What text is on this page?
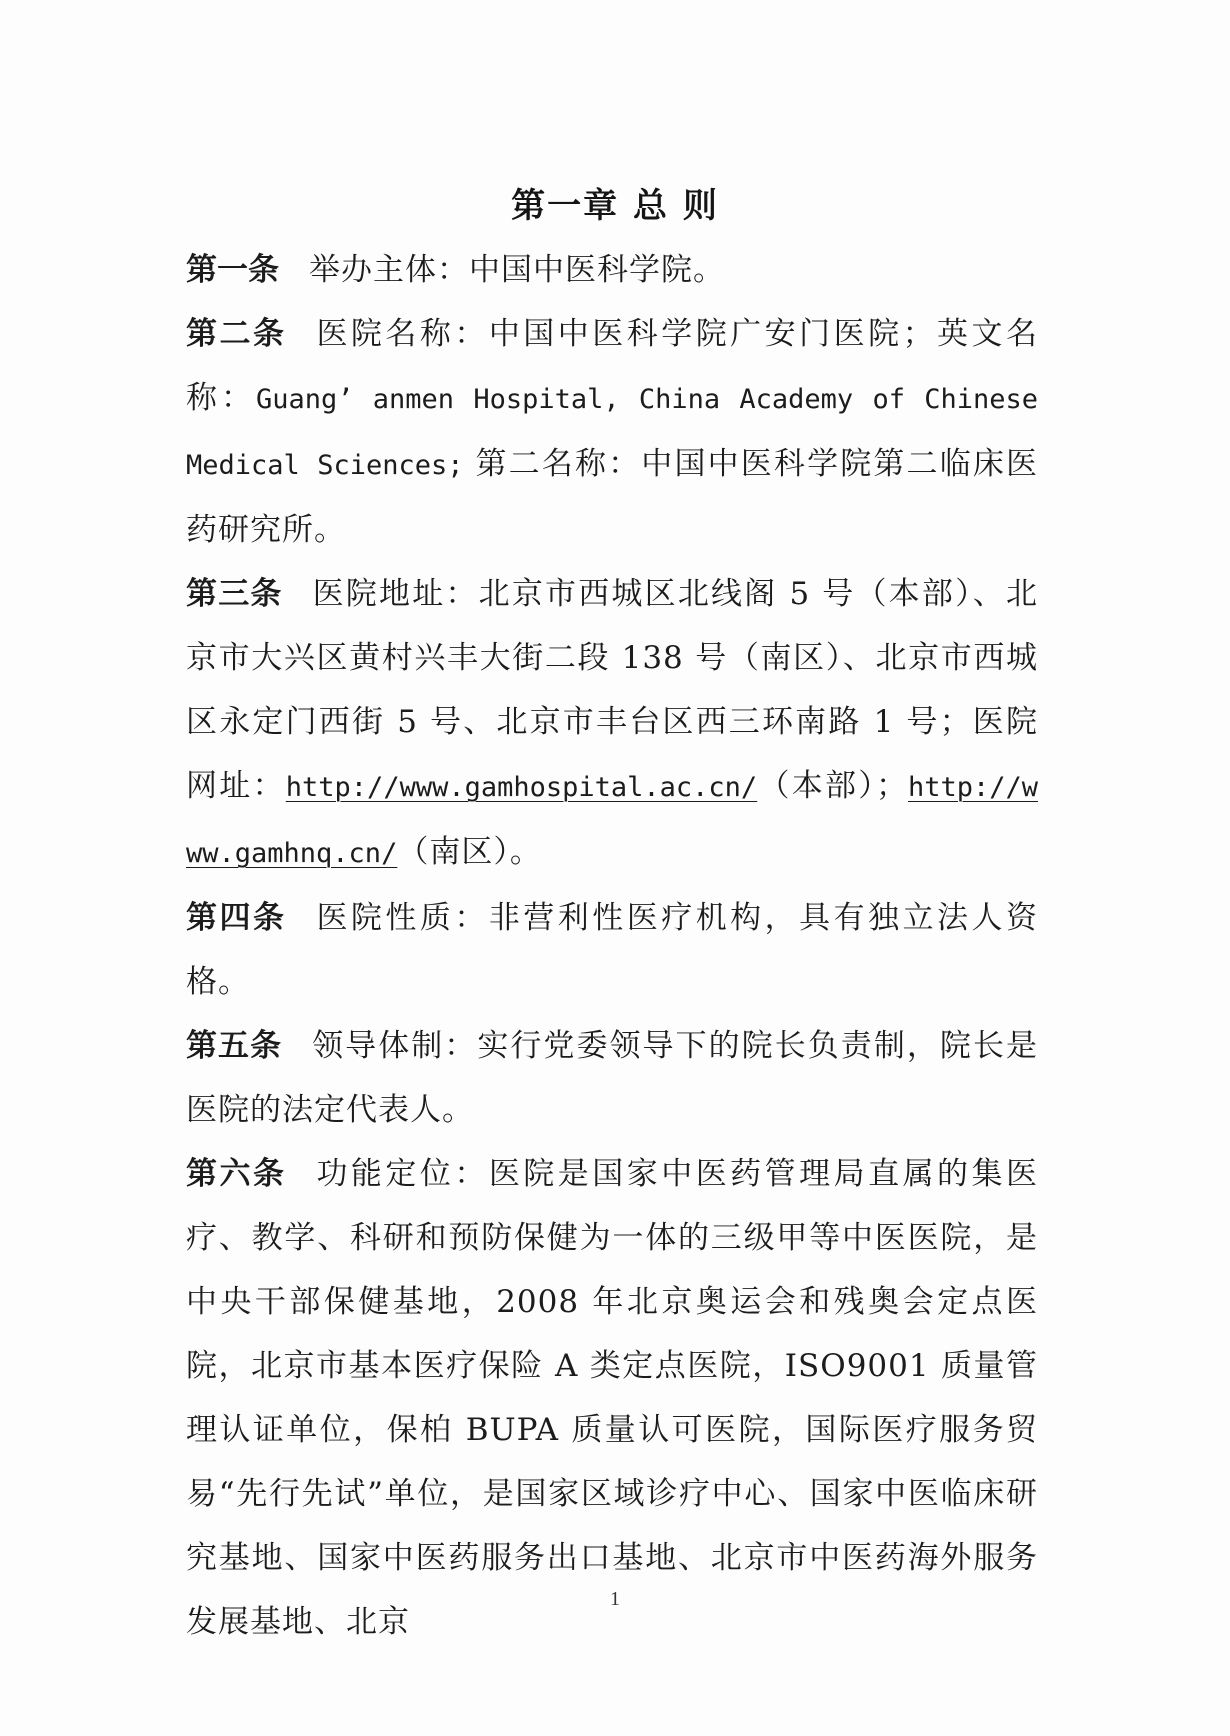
第一章 总 则

第一条 举办主体：中国中医科学院。

第二条 医院名称：中国中医科学院广安门医院；英文名称：Guang’ anmen Hospital, China Academy of Chinese Medical Sciences; 第二名称：中国中医科学院第二临床医药研究所。

第三条 医院地址：北京市西城区北线阁 5 号（本部）、北京市大兴区黄村兴丰大街二段 138 号（南区）、北京市西城区永定门西街 5 号、北京市丰台区西三环南路 1 号；医院网址：http://www.gamhospital.ac.cn/（本部）；http://www.gamhnq.cn/（南区）。

第四条 医院性质：非营利性医疗机构，具有独立法人资格。

第五条 领导体制：实行党委领导下的院长负责制，院长是医院的法定代表人。

第六条 功能定位：医院是国家中医药管理局直属的集医疗、教学、科研和预防保健为一体的三级甲等中医医院，是中央干部保健基地，2008 年北京奥运会和残奥会定点医院，北京市基本医疗保险 A 类定点医院，ISO9001 质量管理认证单位，保柏 BUPA 质量认可医院，国际医疗服务贸易“先行先试”单位，是国家区域诊疗中心、国家中医临床研究基地、国家中医药服务出口基地、北京市中医药海外服务发展基地、北京

1
